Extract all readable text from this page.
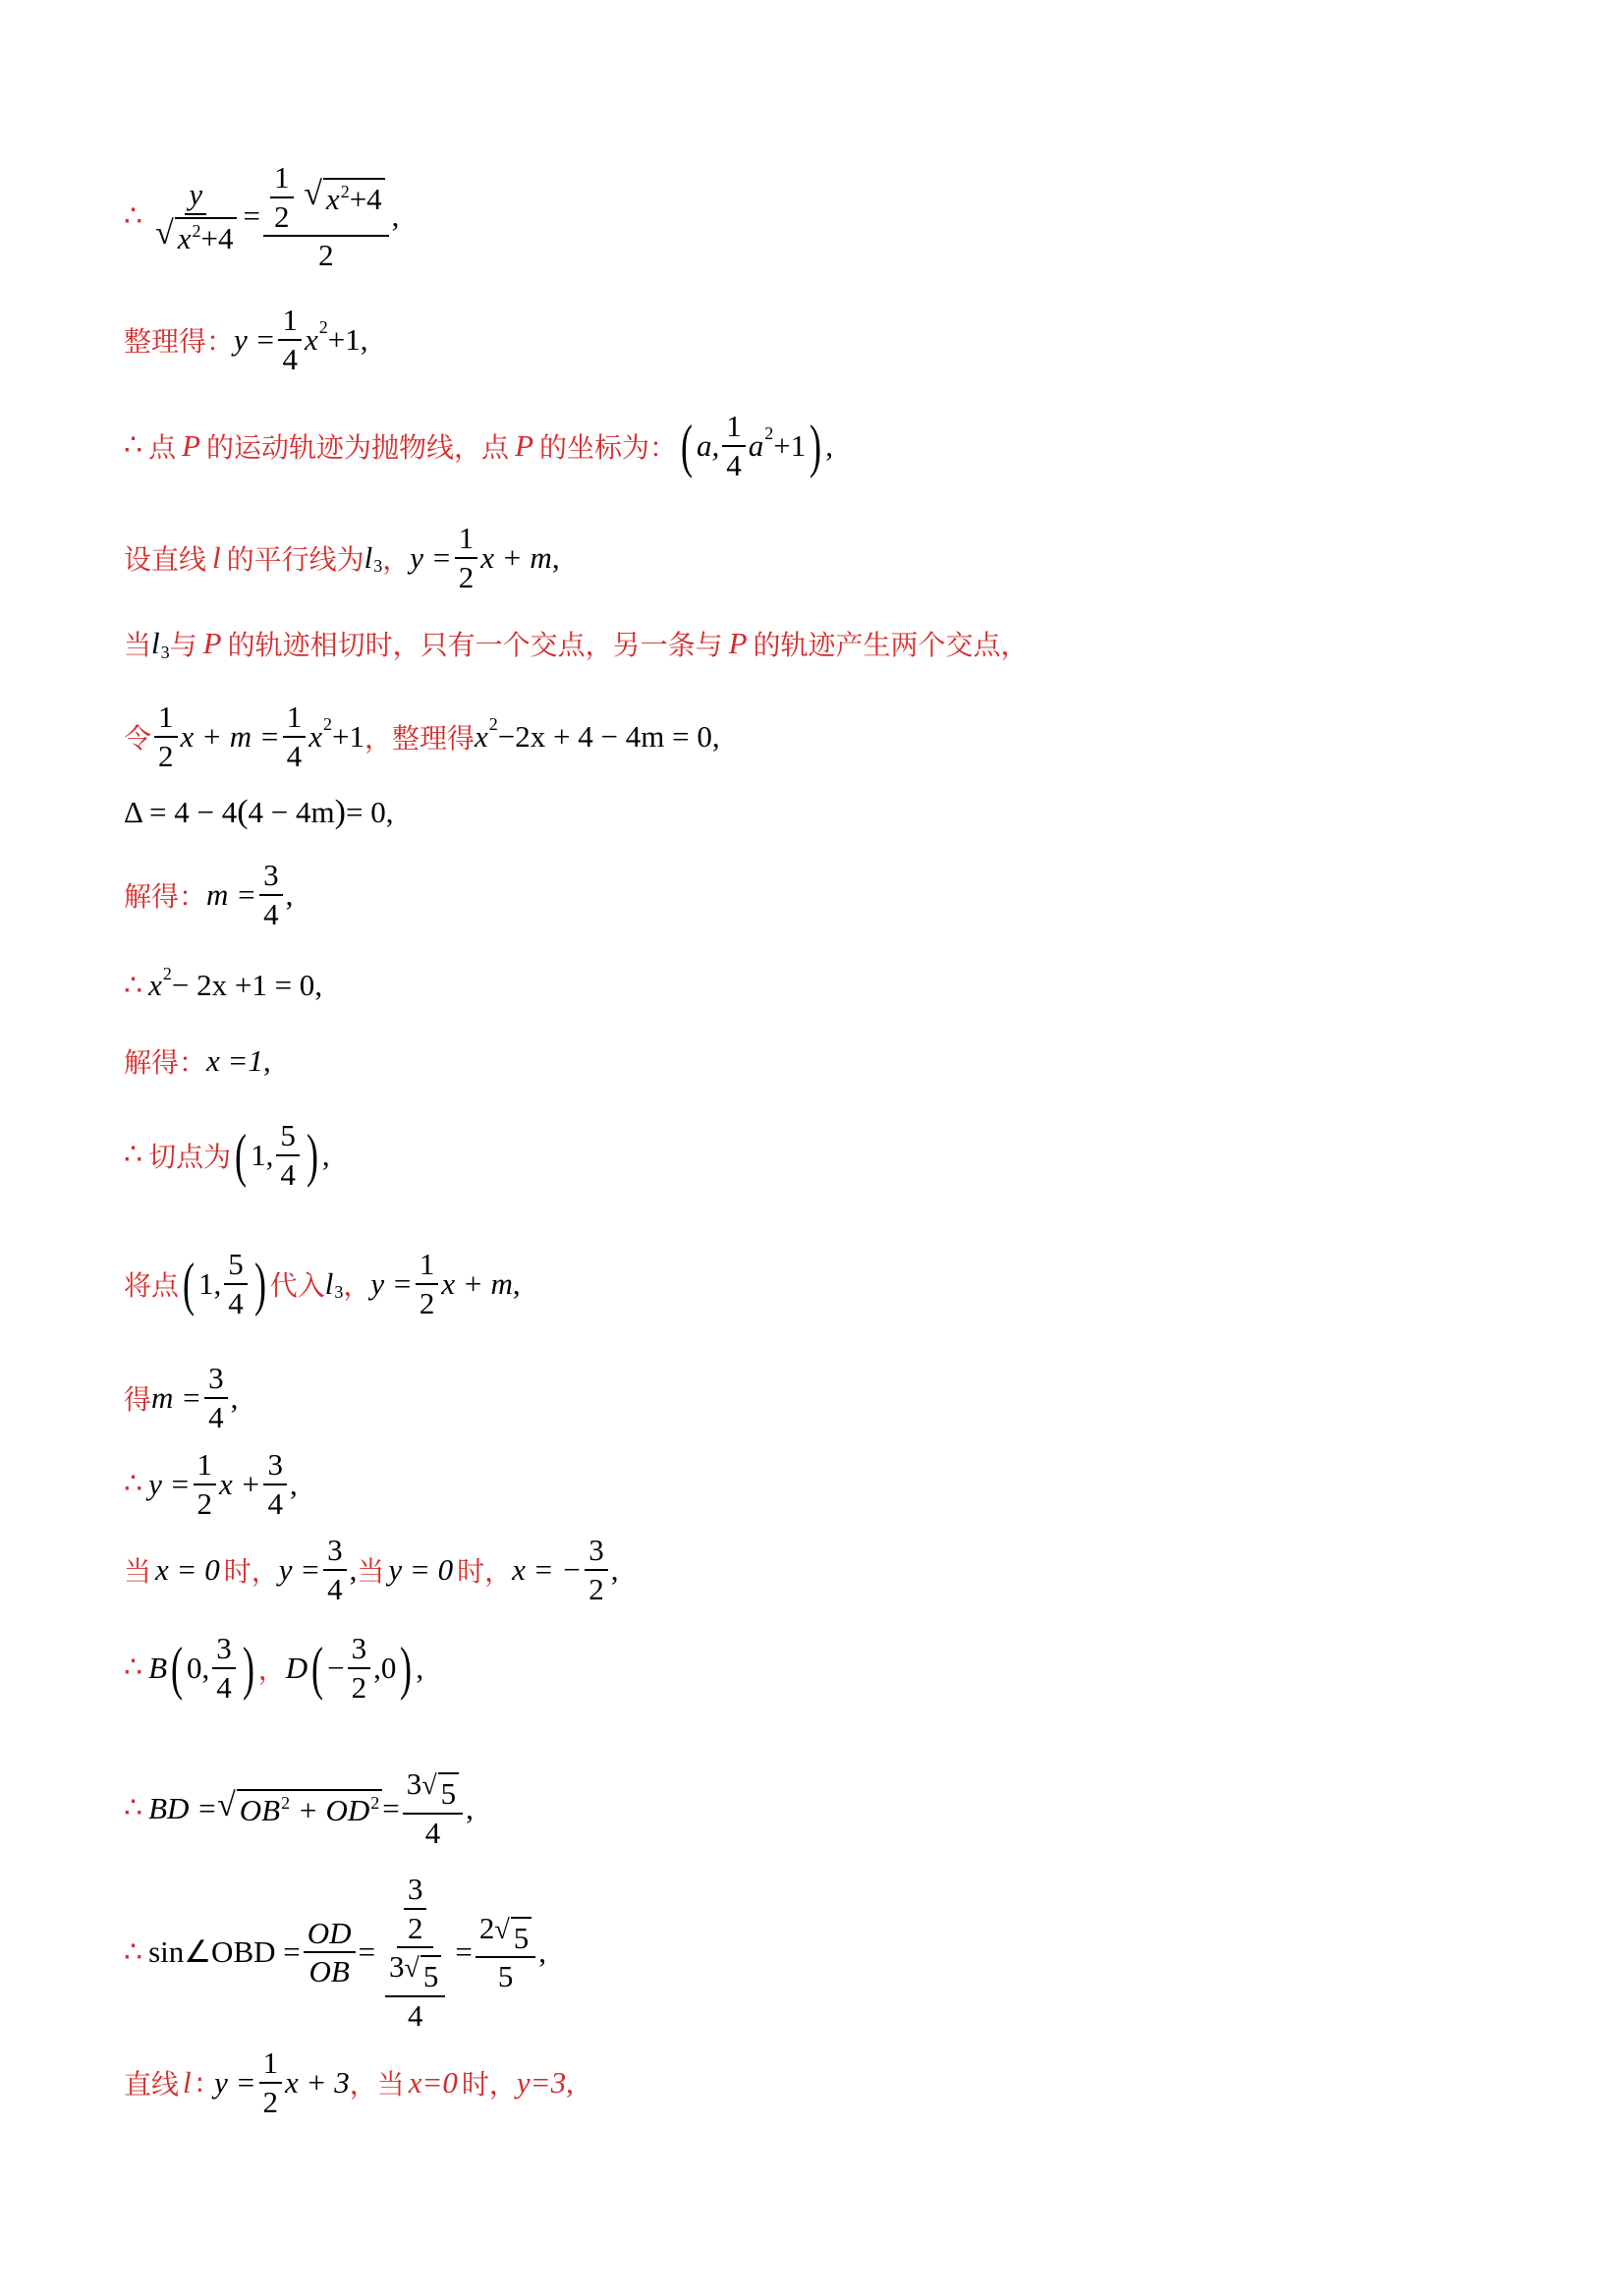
∴ $\frac{y}{√ x^2+4} = \frac{1}{2}$
√ $x^2+4$
2 ,
整理得： $y = \frac{1}{4}$ x 2 +1 ,
∴ 点 P 的运动轨迹为抛物线，点 P 的坐标为： ( a, $\frac{1}{4}$ a 2 +1 ) ,
设直线 l 的平行线为 l 3 ， $y = \frac{1}{2}$ x + m ,
当 l 3 与 P 的轨迹相切时，只有一个交点，另一条与 P 的轨迹产生两个交点，
令 $\frac{1}{2}$ $x + m = \frac{1}{4}$ x 2 +1 ，整理得 x 2 −2x + 4 − 4m = 0 ,
Δ = 4 − 4 ( 4 − 4m ) = 0 ,
解得： $m = \frac{3}{4}$ ,
∴ x 2 − 2x +1 = 0 ,
解得： x =1 ,
∴ 切点为 ( 1, $\frac{5}{4}$ ) ,
将点 ( 1, $\frac{5}{4}$ ) 代入 l 3 ， $y = \frac{1}{2}$ x + m ,
得 $m = \frac{3}{4}$ ,
∴ $y = \frac{1}{2}$ $x + \frac{3}{4}$ ,
当 x = 0 时， $y = \frac{3}{4}$ , 当 y = 0 时， x = − $\frac{3}{2}$ ,
∴ B ( 0, $\frac{3}{4}$ ) ， D ( − $\frac{3}{2} ,0$ ) ,
∴ BD = √ $OB^2 + OD^2 = \frac{3 √ 5}{4}$ ,
∴ sin∠OBD = $\frac{OD}{OB} = \frac{\frac{3}{2}}{\frac{3 √ 5}{4}} = \frac{2 √ 5}{5}$ ,
直线 l : $y = \frac{1}{2}$ x + 3 ，当 x=0 时， y=3 ,
